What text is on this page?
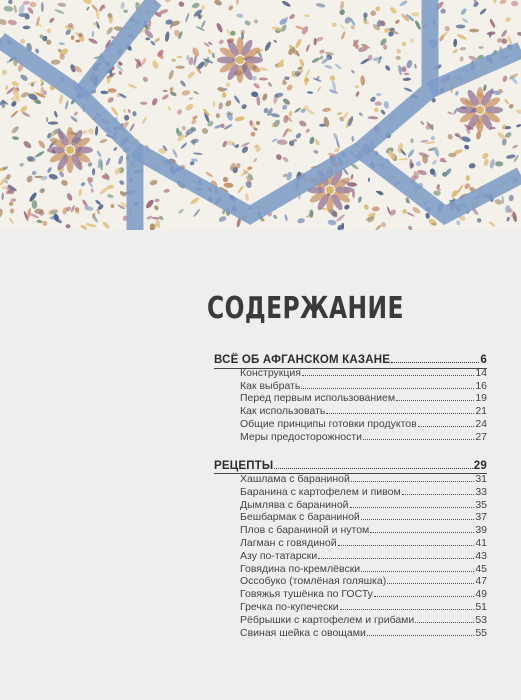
СОДЕРЖАНИЕ
ВСЁ ОБ АФГАНСКОМ КАЗАНЕ	6
Конструкция	14
Как выбрать	16
Перед первым использованием	19
Как использовать	21
Общие принципы готовки продуктов	24
Меры предосторожности	27
РЕЦЕПТЫ	29
Хашлама с бараниной	31
Баранина с картофелем и пивом	33
Дымлява с бараниной	35
Бешбармак с бараниной	37
Плов с бараниной и нутом	39
Лагман с говядиной	41
Азу по-татарски	43
Говядина по-кремлёвски	45
Оссобуко (томлёная голяшка)	47
Говяжья тушёнка по ГОСТу	49
Гречка по-купечески	51
Рёбрышки с картофелем и грибами	53
Свиная шейка с овощами	55
